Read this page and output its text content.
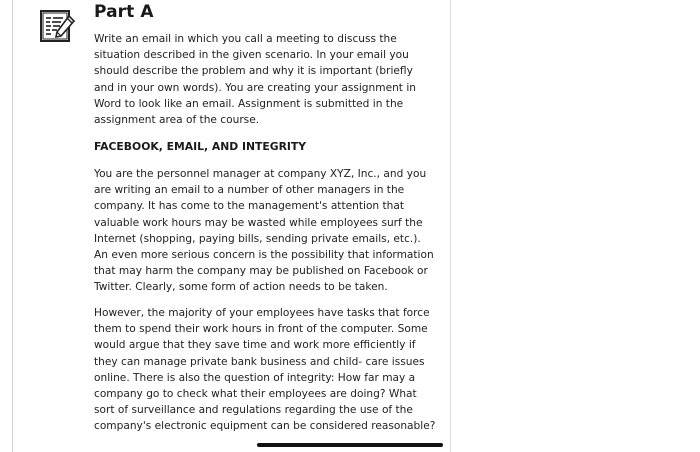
Part A

Write an email in which you call a meeting to discuss the situation described in the given scenario. In your email you should describe the problem and why it is important (briefly and in your own words). You are creating your assignment in Word to look like an email. Assignment is submitted in the assignment area of the course.

FACEBOOK, EMAIL, AND INTEGRITY

You are the personnel manager at company XYZ, Inc., and you are writing an email to a number of other managers in the company. It has come to the management's attention that valuable work hours may be wasted while employees surf the Internet (shopping, paying bills, sending private emails, etc.). An even more serious concern is the possibility that information that may harm the company may be published on Facebook or Twitter. Clearly, some form of action needs to be taken.

However, the majority of your employees have tasks that force them to spend their work hours in front of the computer. Some would argue that they save time and work more efficiently if they can manage private bank business and child- care issues online. There is also the question of integrity: How far may a company go to check what their employees are doing? What sort of surveillance and regulations regarding the use of the company's electronic equipment can be considered reasonable?
